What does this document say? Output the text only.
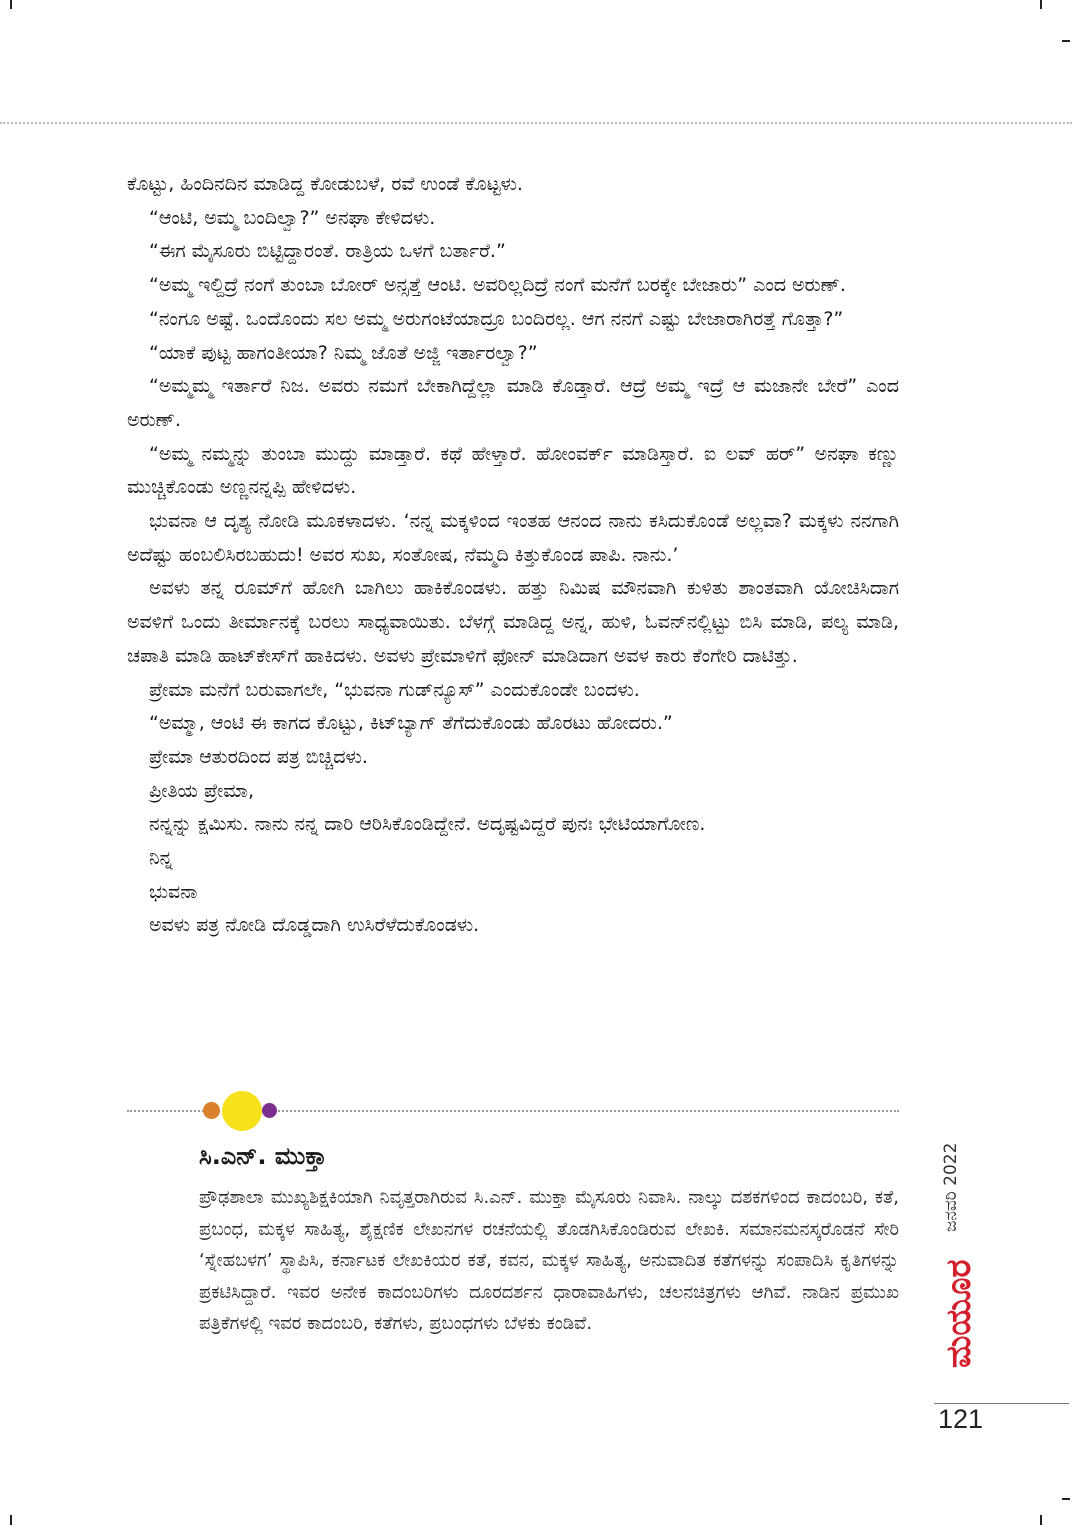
ಕೊಟ್ಟು, ಹಿಂದಿನದಿನ ಮಾಡಿದ್ದ ಕೋಡುಬಳೆ, ರವೆ ಉಂಡೆ ಕೊಟ್ಟಳು.

“ಆಂಟಿ, ಅಮ್ಮ ಬಂದಿಲ್ವಾ?” ಅನಘಾ ಕೇಳಿದಳು.

“ಈಗ ಮೈಸೂರು ಬಿಟ್ಟಿದ್ದಾರಂತೆ. ರಾತ್ರಿಯ ಒಳಗೆ ಬರ್ತಾರೆ.”

“ಅಮ್ಮ ಇಲ್ದಿದ್ರೆ ನಂಗೆ ತುಂಬಾ ಬೋರ್ ಅನ್ಸತ್ತೆ ಆಂಟಿ. ಅವರಿಲ್ಲದಿದ್ರೆ ನಂಗೆ ಮನೆಗೆ ಬರಕ್ಕೇ ಬೇಜಾರು” ಎಂದ ಅರುಣ್.

“ನಂಗೂ ಅಷ್ಟೆ. ಒಂದೊಂದು ಸಲ ಅಮ್ಮ ಅರುಗಂಟೆಯಾದ್ರೂ ಬಂದಿರಲ್ಲ. ಆಗ ನನಗೆ ಎಷ್ಟು ಬೇಜಾರಾಗಿರತ್ತೆ ಗೊತ್ತಾ?”

“ಯಾಕೆ ಪುಟ್ಟ ಹಾಗಂತೀಯಾ? ನಿಮ್ಮ ಜೊತೆ ಅಜ್ಜಿ ಇರ್ತಾರಲ್ವಾ?”

“ಅಮ್ಮಮ್ಮ ಇರ್ತಾರೆ ನಿಜ. ಅವರು ನಮಗೆ ಬೇಕಾಗಿದ್ದೆಲ್ಲಾ ಮಾಡಿ ಕೊಡ್ತಾರೆ. ಆದ್ರೆ ಅಮ್ಮ ಇದ್ರೆ ಆ ಮಜಾನೇ ಬೇರೆ” ಎಂದ ಅರುಣ್.

“ಅಮ್ಮ ನಮ್ಮನ್ನು ತುಂಬಾ ಮುದ್ದು ಮಾಡ್ತಾರೆ. ಕಥೆ ಹೇಳ್ತಾರೆ. ಹೋಂವರ್ಕ್ ಮಾಡಿಸ್ತಾರೆ. ಐ ಲವ್ ಹರ್” ಅನಘಾ ಕಣ್ಣು ಮುಚ್ಚಿಕೊಂಡು ಅಣ್ಣನನ್ನಪ್ಪಿ ಹೇಳಿದಳು.

ಭುವನಾ ಆ ದೃಶ್ಯ ನೋಡಿ ಮೂಕಳಾದಳು. ‘ನನ್ನ ಮಕ್ಕಳಿಂದ ಇಂತಹ ಆನಂದ ನಾನು ಕಸಿದುಕೊಂಡೆ ಅಲ್ಲವಾ? ಮಕ್ಕಳು ನನಗಾಗಿ ಅದೆಷ್ಟು ಹಂಬಲಿಸಿರಬಹುದು! ಅವರ ಸುಖ, ಸಂತೋಷ, ನೆಮ್ಮದಿ ಕಿತ್ತುಕೊಂಡ ಪಾಪಿ. ನಾನು.’

ಅವಳು ತನ್ನ ರೂಮ್‌ಗೆ ಹೋಗಿ ಬಾಗಿಲು ಹಾಕಿಕೊಂಡಳು. ಹತ್ತು ನಿಮಿಷ ಮೌನವಾಗಿ ಕುಳಿತು ಶಾಂತವಾಗಿ ಯೋಚಿಸಿದಾಗ ಅವಳಿಗೆ ಒಂದು ತೀರ್ಮಾನಕ್ಕೆ ಬರಲು ಸಾಧ್ಯವಾಯಿತು. ಬೆಳಗ್ಗೆ ಮಾಡಿದ್ದ ಅನ್ನ, ಹುಳಿ, ಓವನ್‌ನಲ್ಲಿಟ್ಟು ಬಿಸಿ ಮಾಡಿ, ಪಲ್ಯ ಮಾಡಿ, ಚಪಾತಿ ಮಾಡಿ ಹಾಟ್‌ಕೇಸ್‌ಗೆ ಹಾಕಿದಳು. ಅವಳು ಪ್ರೇಮಾಳಿಗೆ ಫೋನ್ ಮಾಡಿದಾಗ ಅವಳ ಕಾರು ಕೆಂಗೇರಿ ದಾಟಿತ್ತು.

ಪ್ರೇಮಾ ಮನೆಗೆ ಬರುವಾಗಲೇ, “ಭುವನಾ ಗುಡ್‌ನ್ಯೂಸ್” ಎಂದುಕೊಂಡೇ ಬಂದಳು.

“ಅಮ್ಮಾ, ಆಂಟಿ ಈ ಕಾಗದ ಕೊಟ್ಟು, ಕಿಟ್‌ಬ್ಯಾಗ್ ತೆಗೆದುಕೊಂಡು ಹೊರಟು ಹೋದರು.”

ಪ್ರೇಮಾ ಆತುರದಿಂದ ಪತ್ರ ಬಿಚ್ಚಿದಳು.

ಪ್ರೀತಿಯ ಪ್ರೇಮಾ,

ನನ್ನನ್ನು ಕ್ಷಮಿಸು. ನಾನು ನನ್ನ ದಾರಿ ಆರಿಸಿಕೊಂಡಿದ್ದೇನೆ. ಅದೃಷ್ಟವಿದ್ದರೆ ಪುನಃ ಭೇಟಿಯಾಗೋಣ.

ನಿನ್ನ

ಭುವನಾ

ಅವಳು ಪತ್ರ ನೋಡಿ ದೊಡ್ಡದಾಗಿ ಉಸಿರೆಳೆದುಕೊಂಡಳು.

ಸಿ.ಎನ್. ಮುಕ್ತಾ
ಪ್ರೌಢಶಾಲಾ ಮುಖ್ಯಶಿಕ್ಷಕಿಯಾಗಿ ನಿವೃತ್ತರಾಗಿರುವ ಸಿ.ಎನ್. ಮುಕ್ತಾ ಮೈಸೂರು ನಿವಾಸಿ. ನಾಲ್ಕು ದಶಕಗಳಿಂದ ಕಾದಂಬರಿ, ಕತೆ, ಪ್ರಬಂಧ, ಮಕ್ಕಳ ಸಾಹಿತ್ಯ, ಶೈಕ್ಷಣಿಕ ಲೇಖನಗಳ ರಚನೆಯಲ್ಲಿ ತೊಡಗಿಸಿಕೊಂಡಿರುವ ಲೇಖಕಿ. ಸಮಾನಮನಸ್ಕರೊಡನೆ ಸೇರಿ ‘ಸ್ನೇಹಬಳಗ’ ಸ್ಥಾಪಿಸಿ, ಕರ್ನಾಟಕ ಲೇಖಕಿಯರ ಕತೆ, ಕವನ, ಮಕ್ಕಳ ಸಾಹಿತ್ಯ, ಅನುವಾದಿತ ಕತೆಗಳನ್ನು ಸಂಪಾದಿಸಿ ಕೃತಿಗಳನ್ನು ಪ್ರಕಟಿಸಿದ್ದಾರೆ. ಇವರ ಅನೇಕ ಕಾದಂಬರಿಗಳು ದೂರದರ್ಶನ ಧಾರಾವಾಹಿಗಳು, ಚಲನಚಿತ್ರಗಳು ಆಗಿವೆ. ನಾಡಿನ ಪ್ರಮುಖ ಪತ್ರಿಕೆಗಳಲ್ಲಿ ಇವರ ಕಾದಂಬರಿ, ಕತೆಗಳು, ಪ್ರಬಂಧಗಳು ಬೆಳಕು ಕಂಡಿವೆ.
ಜನವರಿ 2022
ಮಯೂರ
121
